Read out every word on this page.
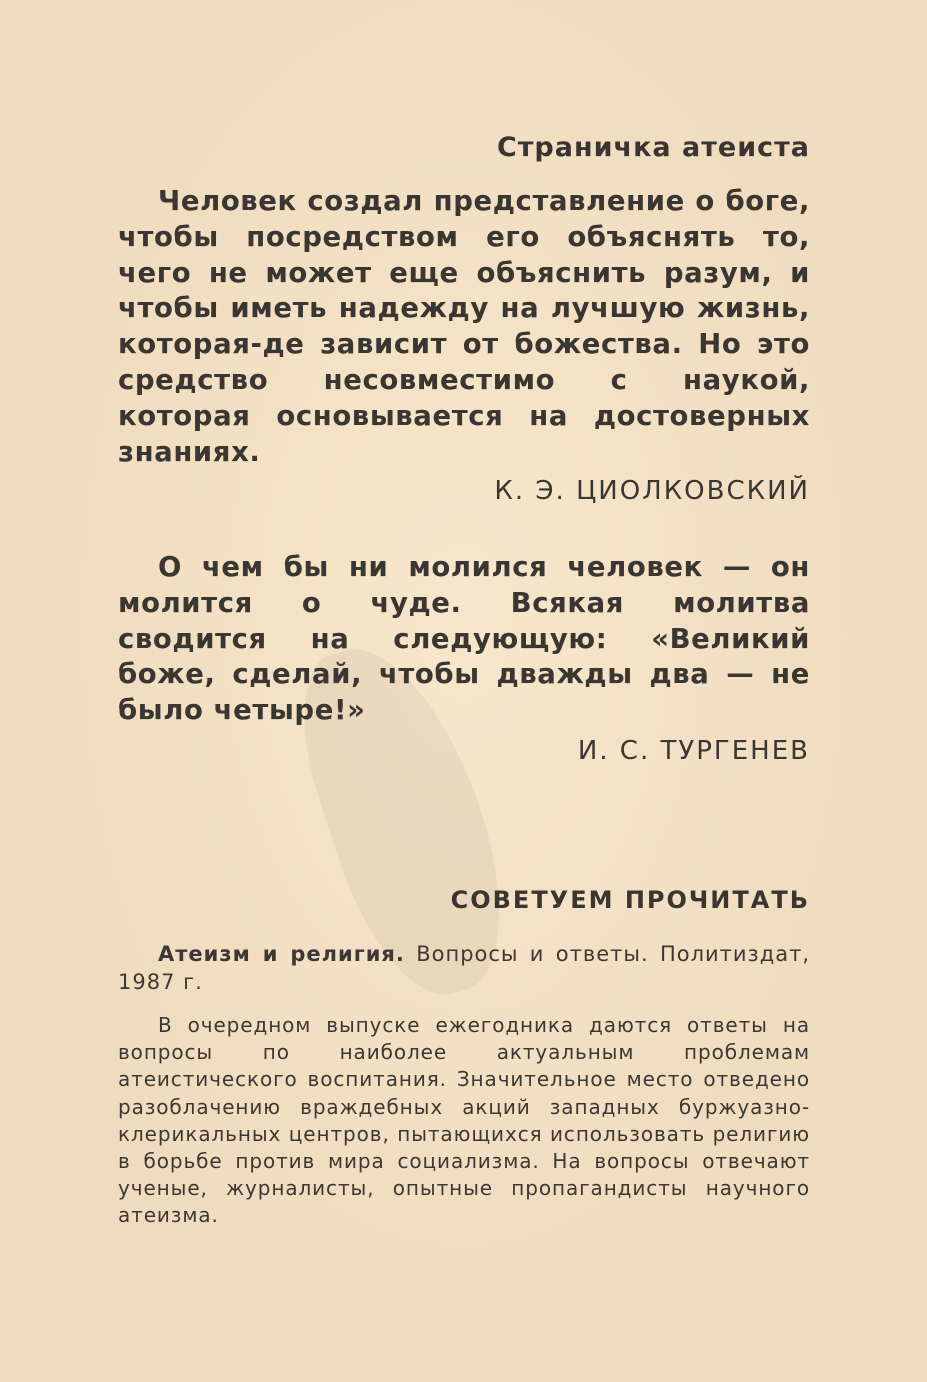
Страничка атеиста
Человек создал представление о боге, чтобы посредством его объяснять то, чего не может еще объяснить разум, и чтобы иметь надежду на лучшую жизнь, которая-де зависит от божества. Но это средство несовместимо с наукой, которая основывается на достоверных знаниях.
К. Э. ЦИОЛКОВСКИЙ
О чем бы ни молился человек — он молится о чуде. Всякая молитва сводится на следующую: «Великий боже, сделай, чтобы дважды два — не было четыре!»
И. С. ТУРГЕНЕВ
СОВЕТУЕМ ПРОЧИТАТЬ
Атеизм и религия. Вопросы и ответы. Политиздат, 1987 г.
В очередном выпуске ежегодника даются ответы на вопросы по наиболее актуальным проблемам атеистического воспитания. Значительное место отведено разоблачению враждебных акций западных буржуазно-клерикальных центров, пытающихся использовать религию в борьбе против мира социализма. На вопросы отвечают ученые, журналисты, опытные пропагандисты научного атеизма.
